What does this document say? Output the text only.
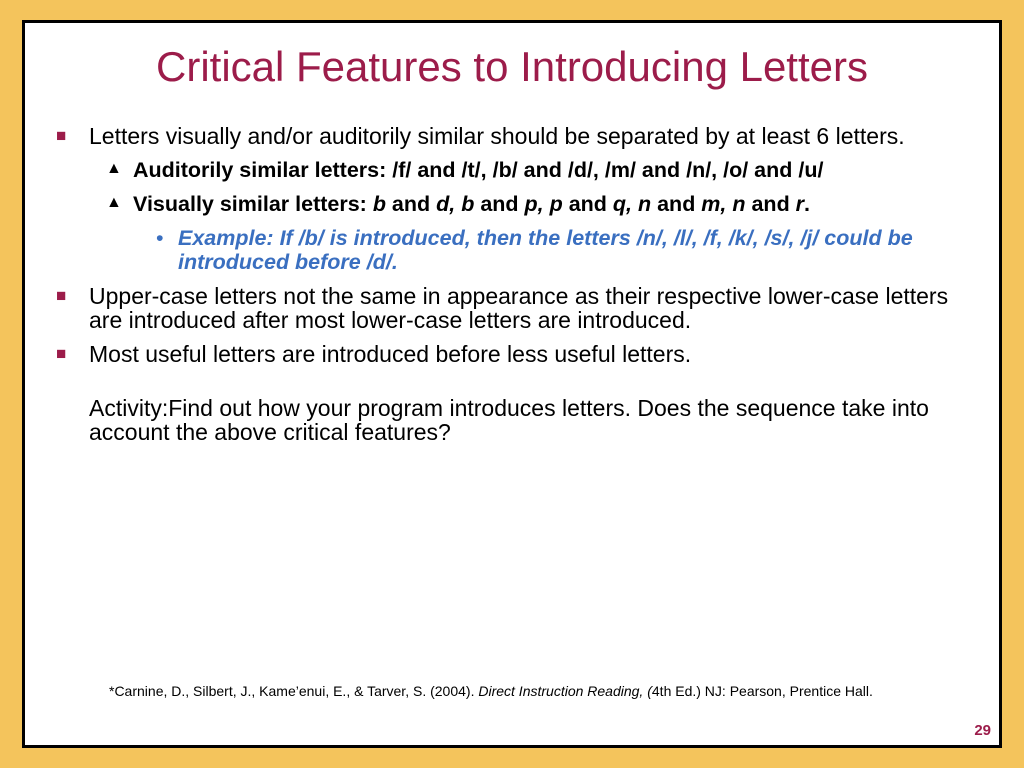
Critical Features to Introducing Letters
■ Letters visually and/or auditorily similar should be separated by at least 6 letters.
▲ Auditorily similar letters: /f/ and /t/, /b/ and /d/, /m/ and /n/, /o/ and /u/
▲ Visually similar letters: b and d, b and p, p and q, n and m, n and r.
• Example: If /b/ is introduced, then the letters /n/, /l/, /f, /k/, /s/, /j/ could be introduced before /d/.
■ Upper-case letters not the same in appearance as their respective lower-case letters are introduced after most lower-case letters are introduced.
■ Most useful letters are introduced before less useful letters.
Activity:Find out how your program introduces letters. Does the sequence take into account the above critical features?
*Carnine, D., Silbert, J., Kame’enui, E., & Tarver, S. (2004). Direct Instruction Reading, (4th Ed.) NJ: Pearson, Prentice Hall.
29
